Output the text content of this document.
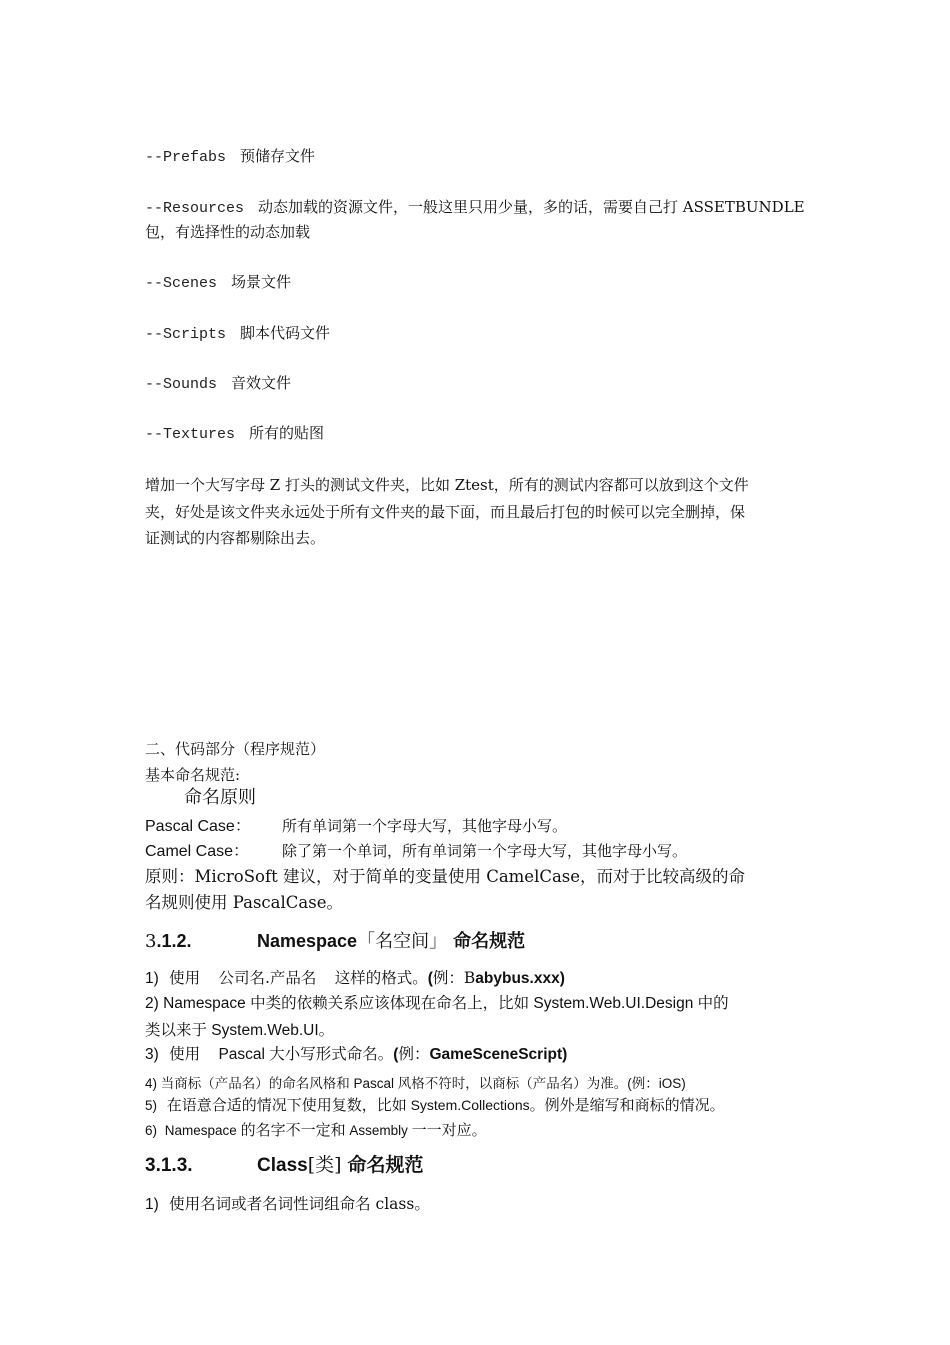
--Prefabs 预储存文件
--Resources 动态加载的资源文件，一般这里只用少量，多的话，需要自己打 ASSETBUNDLE
包，有选择性的动态加载
--Scenes 场景文件
--Scripts 脚本代码文件
--Sounds 音效文件
--Textures 所有的贴图
增加一个大写字母 Z 打头的测试文件夹，比如 Ztest，所有的测试内容都可以放到这个文件
夹，好处是该文件夹永远处于所有文件夹的最下面，而且最后打包的时候可以完全删掉，保
证测试的内容都剔除出去。
二、代码部分（程序规范）
基本命名规范:
命名原则
Pascal Case： 所有单词第一个字母大写，其他字母小写。
Camel Case： 除了第一个单词，所有单词第一个字母大写，其他字母小写。
原则：MicroSoft 建议，对于简单的变量使用 CamelCase，而对于比较高级的命
名规则使用 PascalCase。
3.1.2.	Namespace「名空间」 命名规范
1) 使用 公司名.产品名 这样的格式。(例：Babybus.xxx)
2) Namespace 中类的依赖关系应该体现在命名上，比如 System.Web.UI.Design 中的
类以来于 System.Web.UI。
3) 使用 Pascal 大小写形式命名。(例：GameSceneScript)
4) 当商标（产品名）的命名风格和 Pascal 风格不符时，以商标（产品名）为准。(例：iOS)
5) 在语意合适的情况下使用复数，比如 System.Collections。例外是缩写和商标的情况。
6) Namespace 的名字不一定和 Assembly 一一对应。
3.1.3.	Class[类] 命名规范
1) 使用名词或者名词性词组命名 class。
